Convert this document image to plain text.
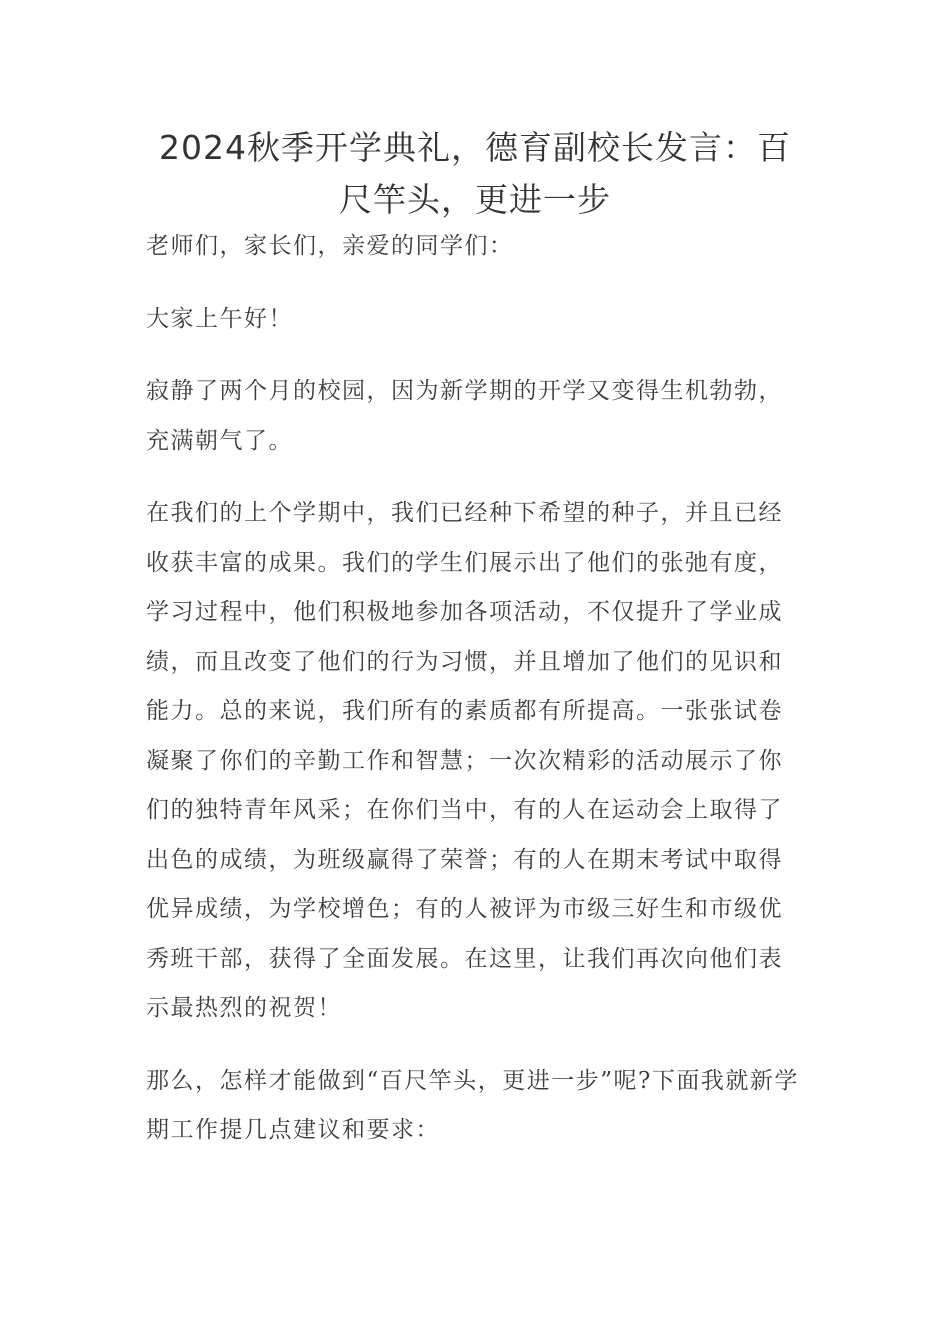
2024秋季开学典礼，德育副校长发言：百尺竿头，更进一步

老师们，家长们，亲爱的同学们：

大家上午好！

寂静了两个月的校园，因为新学期的开学又变得生机勃勃，充满朝气了。

在我们的上个学期中，我们已经种下希望的种子，并且已经收获丰富的成果。我们的学生们展示出了他们的张弛有度，学习过程中，他们积极地参加各项活动，不仅提升了学业成绩，而且改变了他们的行为习惯，并且增加了他们的见识和能力。总的来说，我们所有的素质都有所提高。一张张试卷凝聚了你们的辛勤工作和智慧；一次次精彩的活动展示了你们的独特青年风采；在你们当中，有的人在运动会上取得了出色的成绩，为班级赢得了荣誉；有的人在期末考试中取得优异成绩，为学校增色；有的人被评为市级三好生和市级优秀班干部，获得了全面发展。在这里，让我们再次向他们表示最热烈的祝贺！

那么，怎样才能做到“百尺竿头，更进一步”呢?下面我就新学期工作提几点建议和要求：
